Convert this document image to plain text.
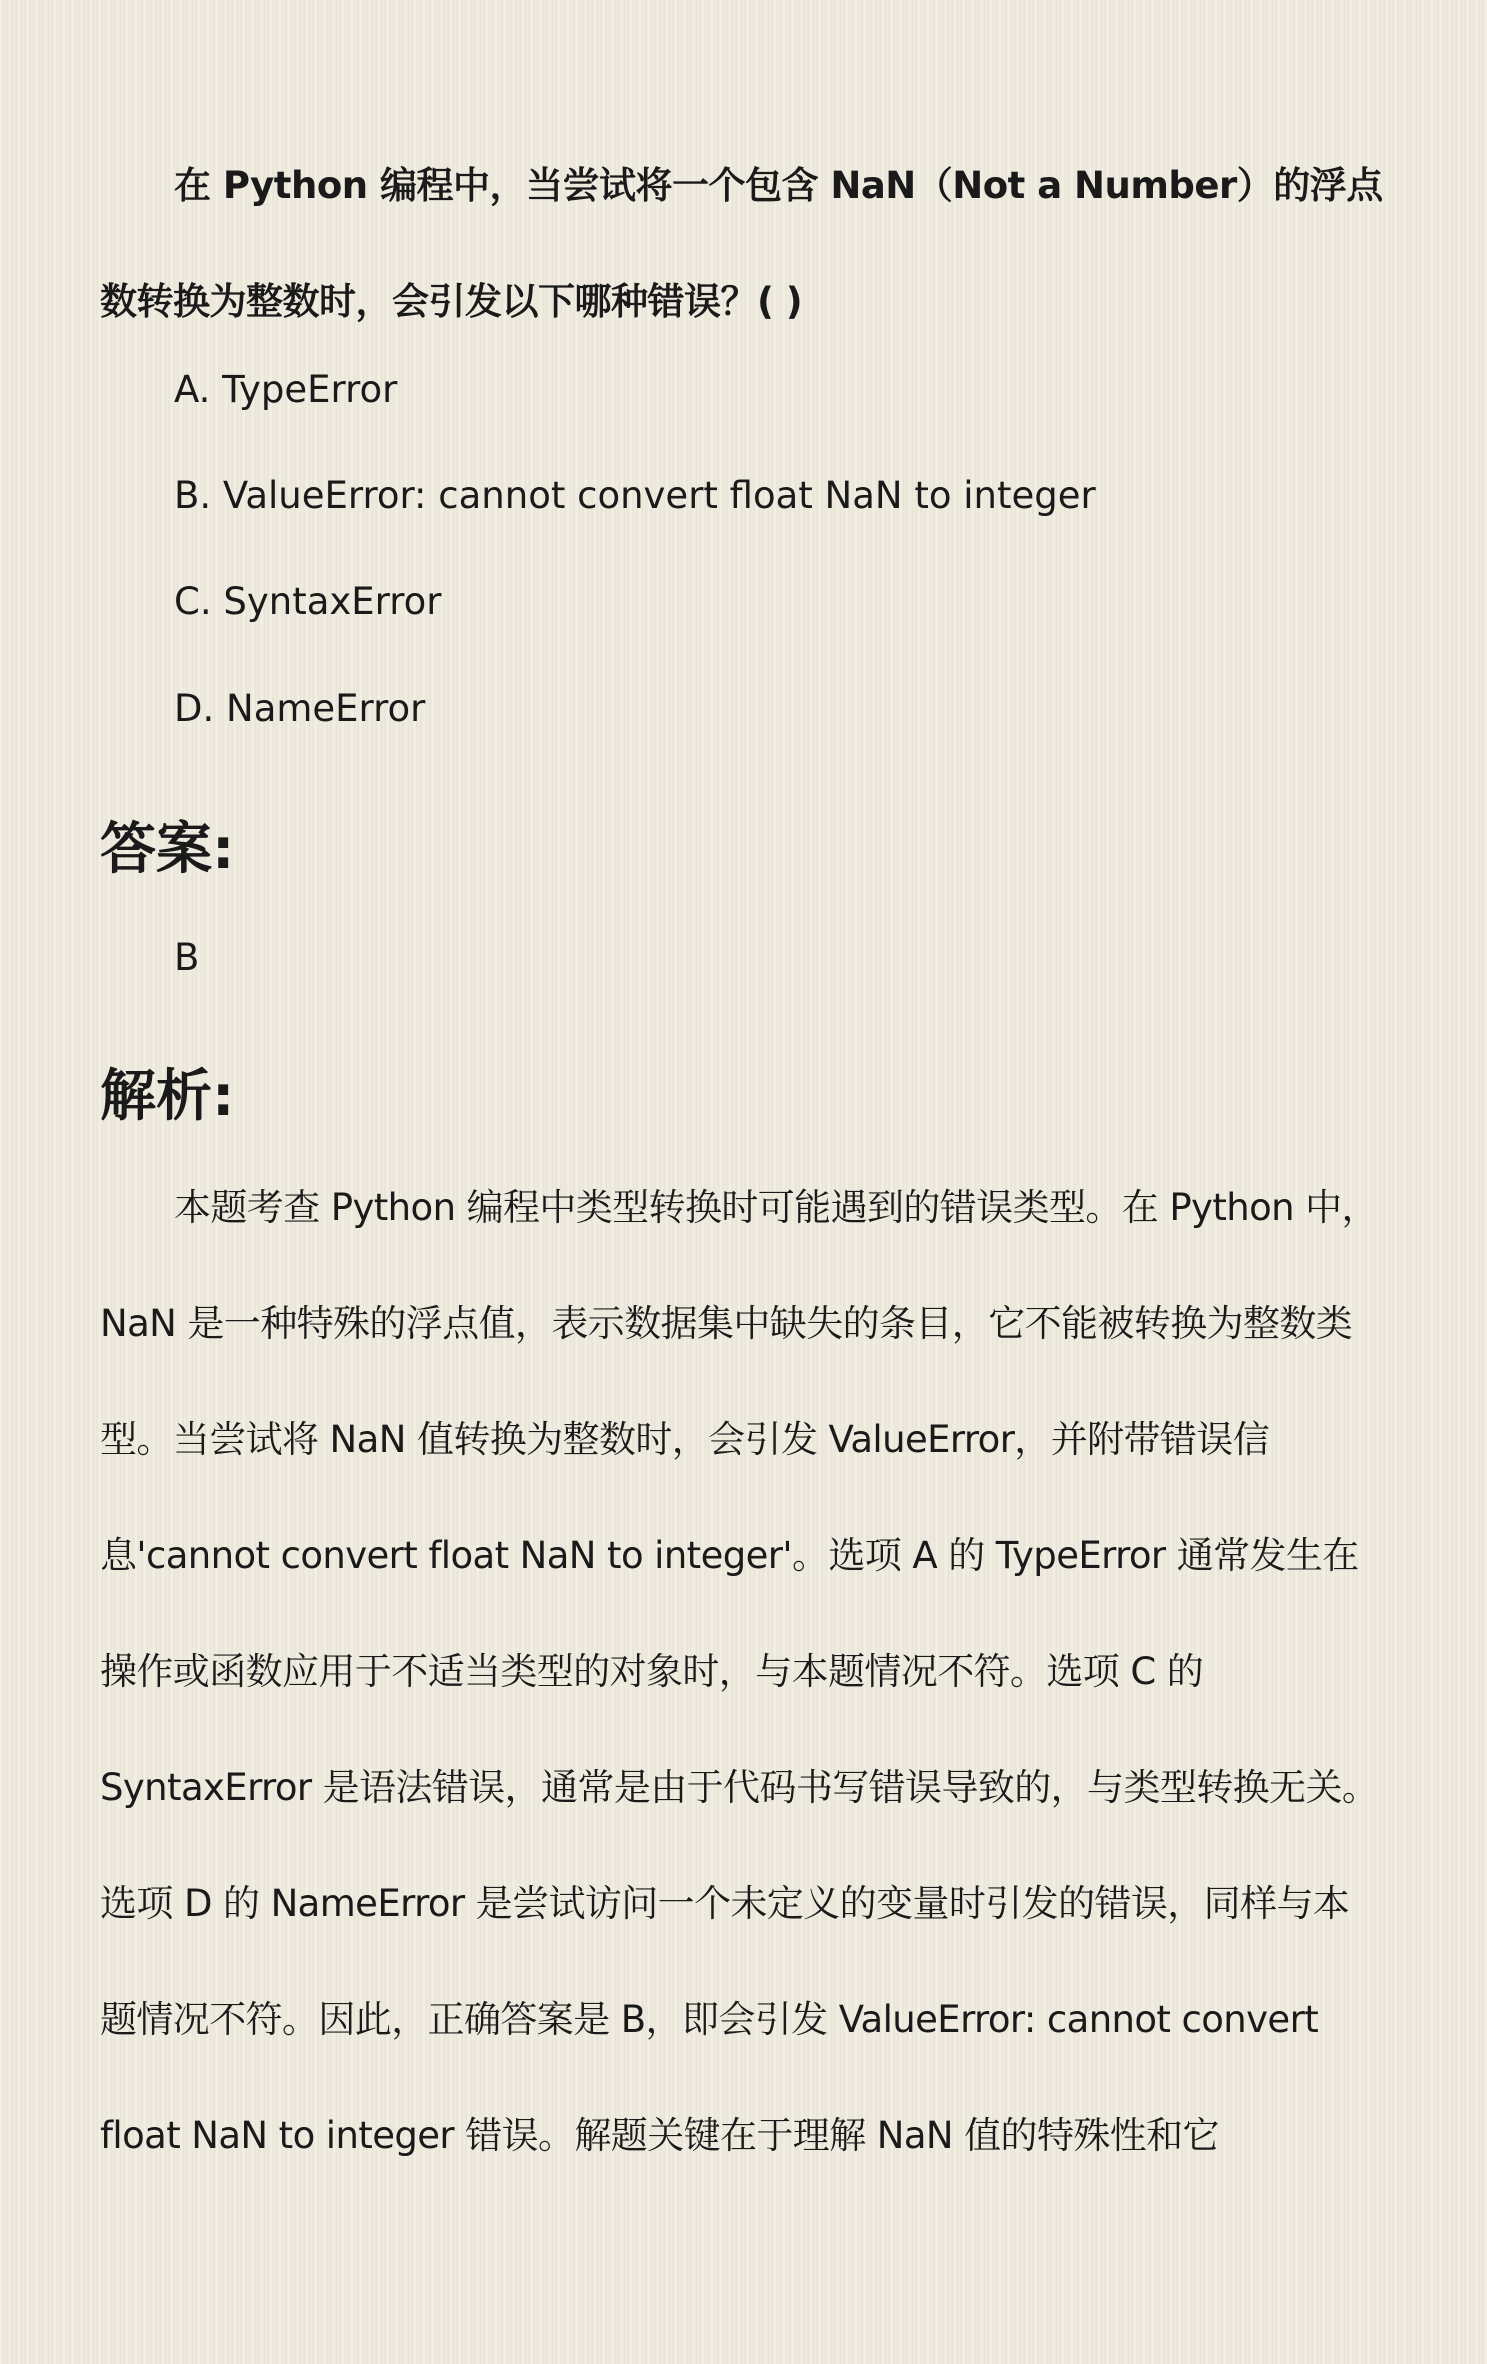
在 Python 编程中，当尝试将一个包含 NaN（Not a Number）的浮点数转换为整数时，会引发以下哪种错误？( )

A. TypeError

B. ValueError: cannot convert float NaN to integer

C. SyntaxError

D. NameError

答案:

B

解析:

本题考查 Python 编程中类型转换时可能遇到的错误类型。在 Python 中，NaN 是一种特殊的浮点值，表示数据集中缺失的条目，它不能被转换为整数类型。当尝试将 NaN 值转换为整数时，会引发 ValueError，并附带错误信息'cannot convert float NaN to integer'。选项 A 的 TypeError 通常发生在操作或函数应用于不适当类型的对象时，与本题情况不符。选项 C 的 SyntaxError 是语法错误，通常是由于代码书写错误导致的，与类型转换无关。选项 D 的 NameError 是尝试访问一个未定义的变量时引发的错误，同样与本题情况不符。因此，正确答案是 B，即会引发 ValueError: cannot convert float NaN to integer 错误。解题关键在于理解 NaN 值的特殊性和它
